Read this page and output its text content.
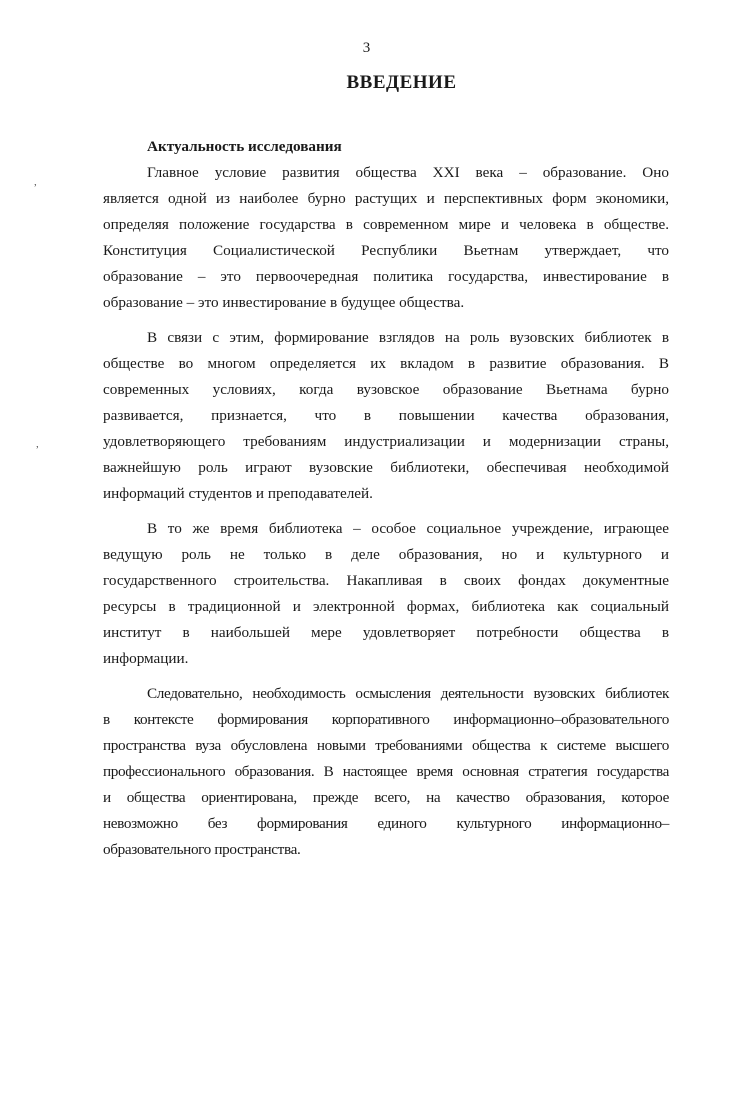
3
ВВЕДЕНИЕ
,
,

Актуальность исследования

Главное условие развития общества XXI века – образование. Оно
является одной из наиболее бурно растущих и перспективных форм экономики,
определяя положение государства в современном мире и человека в обществе.
Конституция Социалистической Республики Вьетнам утверждает, что
образование – это первоочередная политика государства, инвестирование в
образование – это инвестирование в будущее общества.

В связи с этим, формирование взглядов на роль вузовских библиотек в
обществе во многом определяется их вкладом в развитие образования. В
современных условиях, когда вузовское образование Вьетнама бурно
развивается, признается, что в повышении качества образования,
удовлетворяющего требованиям индустриализации и модернизации страны,
важнейшую роль играют вузовские библиотеки, обеспечивая необходимой
информаций студентов и преподавателей.

В то же время библиотека – особое социальное учреждение, играющее
ведущую роль не только в деле образования, но и культурного и
государственного строительства. Накапливая в своих фондах документные
ресурсы в традиционной и электронной формах, библиотека как социальный
институт в наибольшей мере удовлетворяет потребности общества в
информации.

Следовательно, необходимость осмысления деятельности вузовских библиотек
в контексте формирования корпоративного информационно–образовательного
пространства вуза обусловлена новыми требованиями общества к системе высшего
профессионального образования. В настоящее время основная стратегия государства
и общества ориентирована, прежде всего, на качество образования, которое
невозможно без формирования единого культурного информационно–
образовательного пространства.
